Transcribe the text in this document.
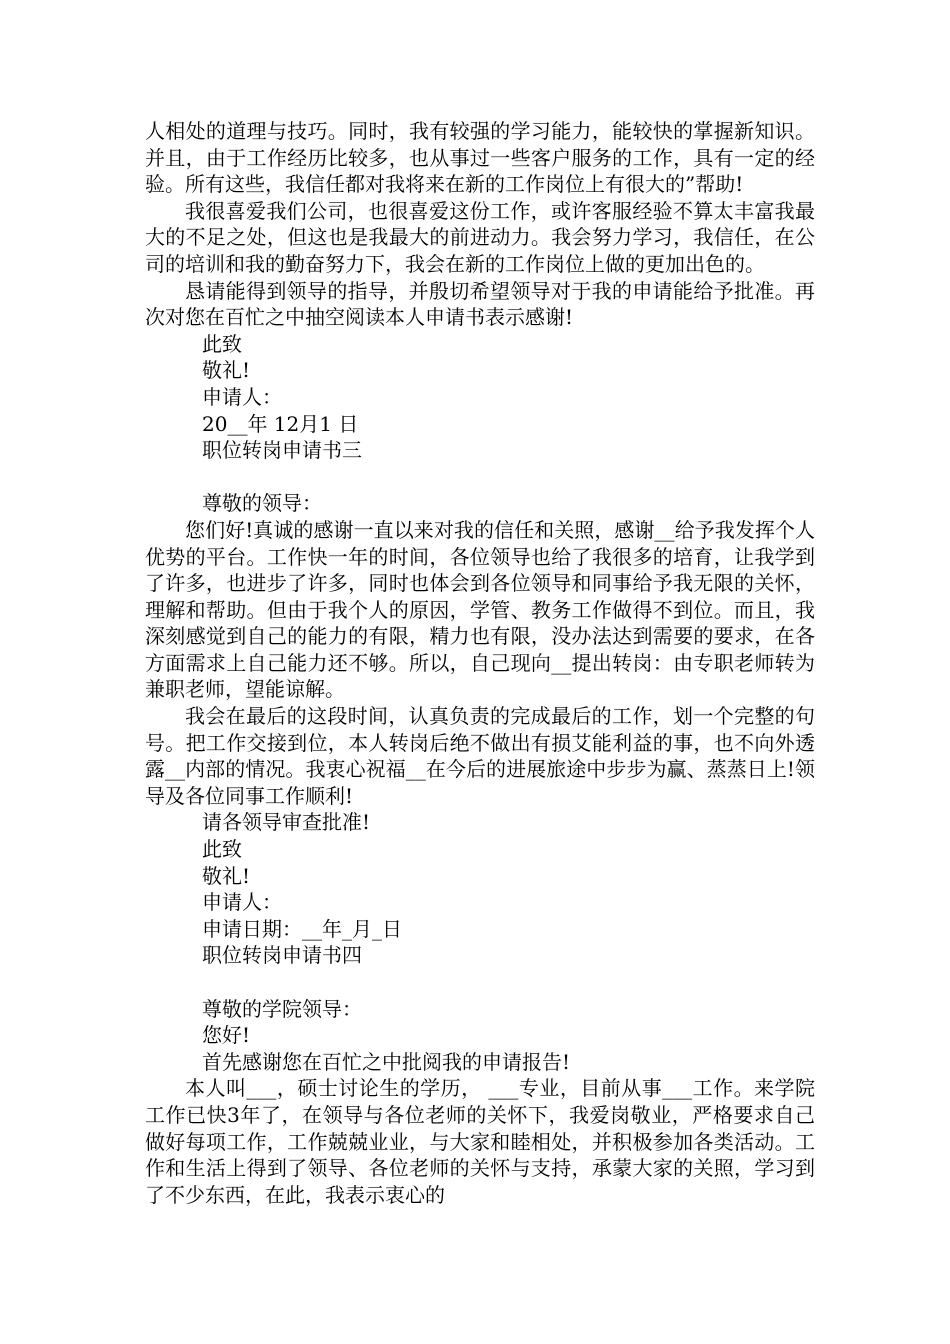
人相处的道理与技巧。同时，我有较强的学习能力，能较快的掌握新知识。并且，由于工作经历比较多，也从事过一些客户服务的工作，具有一定的经验。所有这些，我信任都对我将来在新的工作岗位上有很大的”帮助!

我很喜爱我们公司，也很喜爱这份工作，或许客服经验不算太丰富我最大的不足之处，但这也是我最大的前进动力。我会努力学习，我信任，在公司的培训和我的勤奋努力下，我会在新的工作岗位上做的更加出色的。

恳请能得到领导的指导，并殷切希望领导对于我的申请能给予批准。再次对您在百忙之中抽空阅读本人申请书表示感谢!

此致

敬礼!

申请人：

20__年 12月1 日

职位转岗申请书三

尊敬的领导：

您们好!真诚的感谢一直以来对我的信任和关照，感谢__给予我发挥个人优势的平台。工作快一年的时间，各位领导也给了我很多的培育，让我学到了许多，也进步了许多，同时也体会到各位领导和同事给予我无限的关怀，理解和帮助。但由于我个人的原因，学管、教务工作做得不到位。而且，我深刻感觉到自己的能力的有限，精力也有限，没办法达到需要的要求，在各方面需求上自己能力还不够。所以，自己现向__提出转岗：由专职老师转为兼职老师，望能谅解。

我会在最后的这段时间，认真负责的完成最后的工作，划一个完整的句号。把工作交接到位，本人转岗后绝不做出有损艾能利益的事，也不向外透露__内部的情况。我衷心祝福__在今后的进展旅途中步步为赢、蒸蒸日上!领导及各位同事工作顺利!

请各领导审查批准!

此致

敬礼!

申请人：

申请日期：__年_月_日

职位转岗申请书四

尊敬的学院领导：

您好!

首先感谢您在百忙之中批阅我的申请报告!

本人叫___，硕士讨论生的学历， ___专业，目前从事___工作。来学院工作已快3年了，在领导与各位老师的关怀下，我爱岗敬业，严格要求自己做好每项工作，工作兢兢业业，与大家和睦相处，并积极参加各类活动。工作和生活上得到了领导、各位老师的关怀与支持，承蒙大家的关照，学习到了不少东西，在此，我表示衷心的
